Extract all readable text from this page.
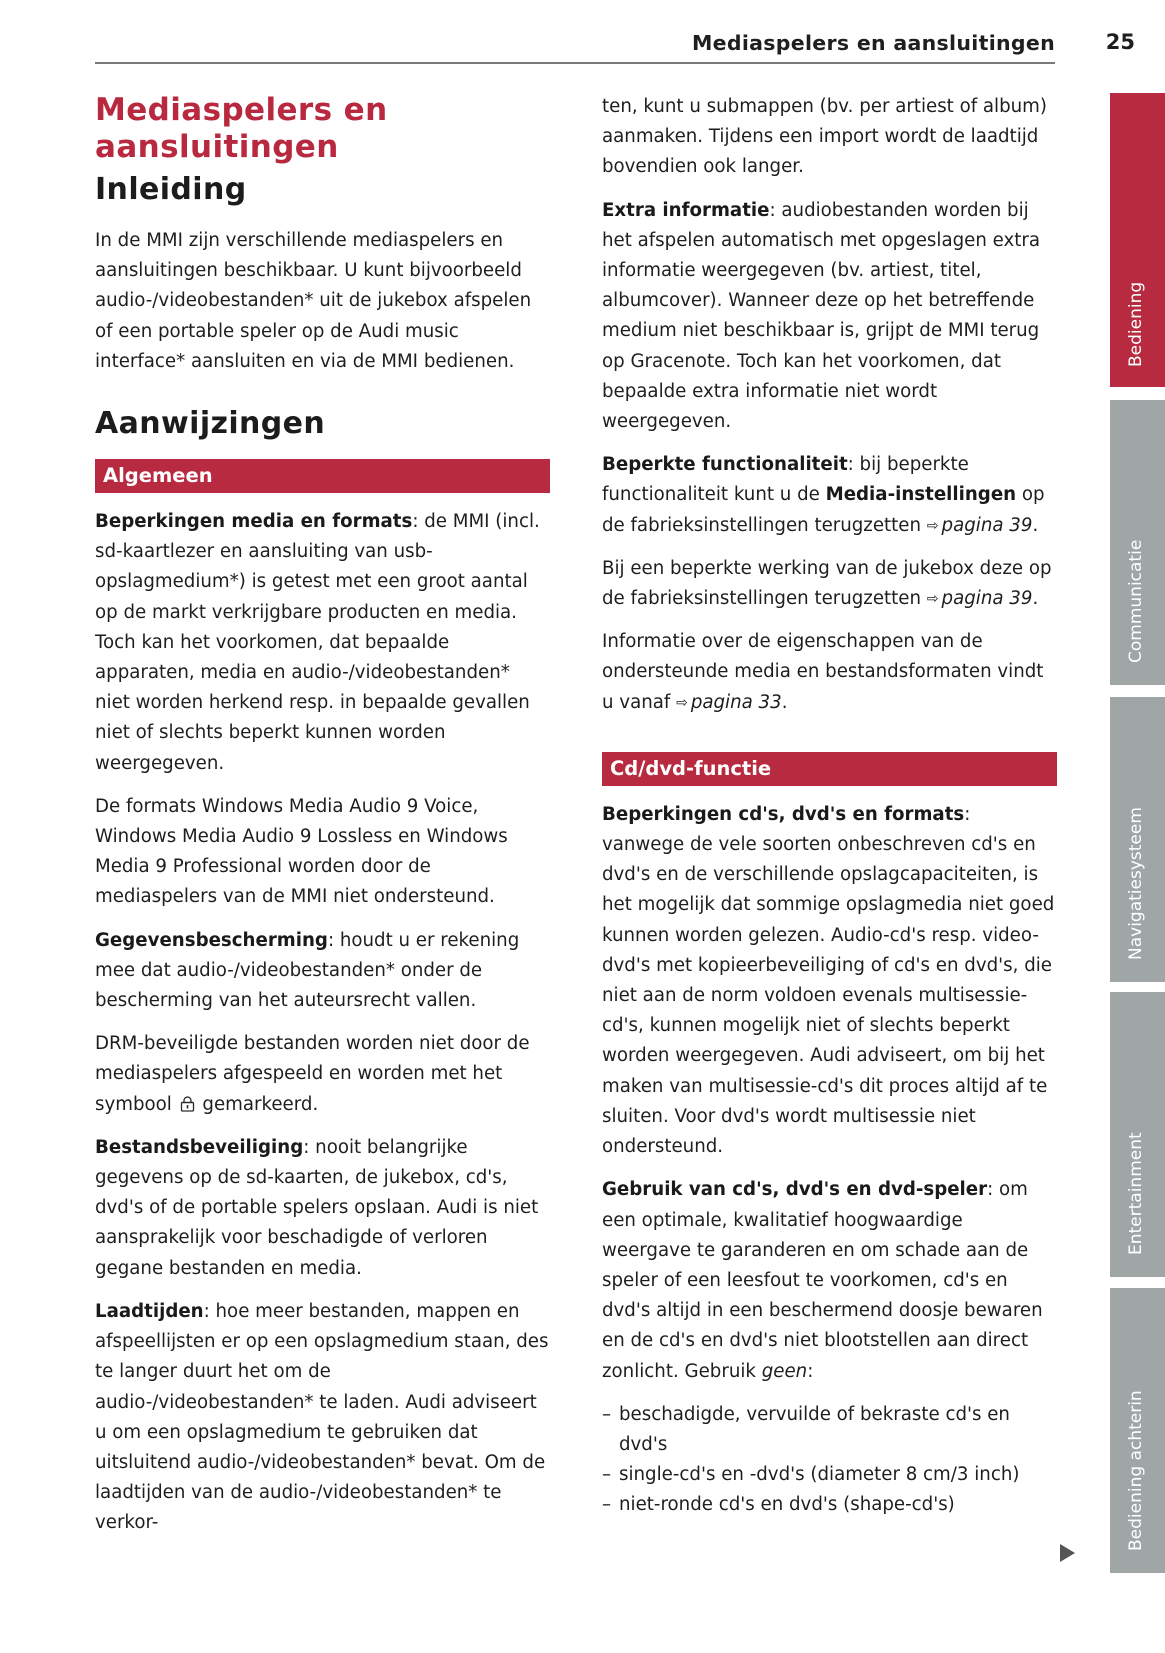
Mediaspelers en aansluitingen	25
Mediaspelers en
aansluitingen
Inleiding

In de MMI zijn verschillende mediaspelers en aansluitingen beschikbaar. U kunt bijvoorbeeld audio-/videobestanden* uit de jukebox afspelen of een portable speler op de Audi music interface* aansluiten en via de MMI bedienen.

Aanwijzingen
Algemeen

Beperkingen media en formats: de MMI (incl. sd-kaartlezer en aansluiting van usb-opslagmedium*) is getest met een groot aantal op de markt verkrijgbare producten en media. Toch kan het voorkomen, dat bepaalde apparaten, media en audio-/videobestanden* niet worden herkend resp. in bepaalde gevallen niet of slechts beperkt kunnen worden weergegeven.

De formats Windows Media Audio 9 Voice, Windows Media Audio 9 Lossless en Windows Media 9 Professional worden door de mediaspelers van de MMI niet ondersteund.

Gegevensbescherming: houdt u er rekening mee dat audio-/videobestanden* onder de bescherming van het auteursrecht vallen.

DRM-beveiligde bestanden worden niet door de mediaspelers afgespeeld en worden met het symbool gemarkeerd.

Bestandsbeveiliging: nooit belangrijke gegevens op de sd-kaarten, de jukebox, cd's, dvd's of de portable spelers opslaan. Audi is niet aansprakelijk voor beschadigde of verloren gegane bestanden en media.

Laadtijden: hoe meer bestanden, mappen en afspeellijsten er op een opslagmedium staan, des te langer duurt het om de audio-/videobestanden* te laden. Audi adviseert u om een opslagmedium te gebruiken dat uitsluitend audio-/videobestanden* bevat. Om de laadtijden van de audio-/videobestanden* te verkor-

ten, kunt u submappen (bv. per artiest of album) aanmaken. Tijdens een import wordt de laadtijd bovendien ook langer.

Extra informatie: audiobestanden worden bij het afspelen automatisch met opgeslagen extra informatie weergegeven (bv. artiest, titel, albumcover). Wanneer deze op het betreffende medium niet beschikbaar is, grijpt de MMI terug op Gracenote. Toch kan het voorkomen, dat bepaalde extra informatie niet wordt weergegeven.

Beperkte functionaliteit: bij beperkte functionaliteit kunt u de Media-instellingen op de fabrieksinstellingen terugzetten ⇨ pagina 39.

Bij een beperkte werking van de jukebox deze op de fabrieksinstellingen terugzetten ⇨ pagina 39.

Informatie over de eigenschappen van de ondersteunde media en bestandsformaten vindt u vanaf ⇨ pagina 33.

Cd/dvd-functie

Beperkingen cd's, dvd's en formats: vanwege de vele soorten onbeschreven cd's en dvd's en de verschillende opslagcapaciteiten, is het mogelijk dat sommige opslagmedia niet goed kunnen worden gelezen. Audio-cd's resp. video-dvd's met kopieerbeveiliging of cd's en dvd's, die niet aan de norm voldoen evenals multisessie-cd's, kunnen mogelijk niet of slechts beperkt worden weergegeven. Audi adviseert, om bij het maken van multisessie-cd's dit proces altijd af te sluiten. Voor dvd's wordt multisessie niet ondersteund.

Gebruik van cd's, dvd's en dvd-speler: om een optimale, kwalitatief hoogwaardige weergave te garanderen en om schade aan de speler of een leesfout te voorkomen, cd's en dvd's altijd in een beschermend doosje bewaren en de cd's en dvd's niet blootstellen aan direct zonlicht. Gebruik geen:

– beschadigde, vervuilde of bekraste cd's en dvd's
– single-cd's en -dvd's (diameter 8 cm/3 inch)
– niet-ronde cd's en dvd's (shape-cd's)
Bediening
Communicatie
Navigatiesysteem
Entertainment
Bediening achterin
